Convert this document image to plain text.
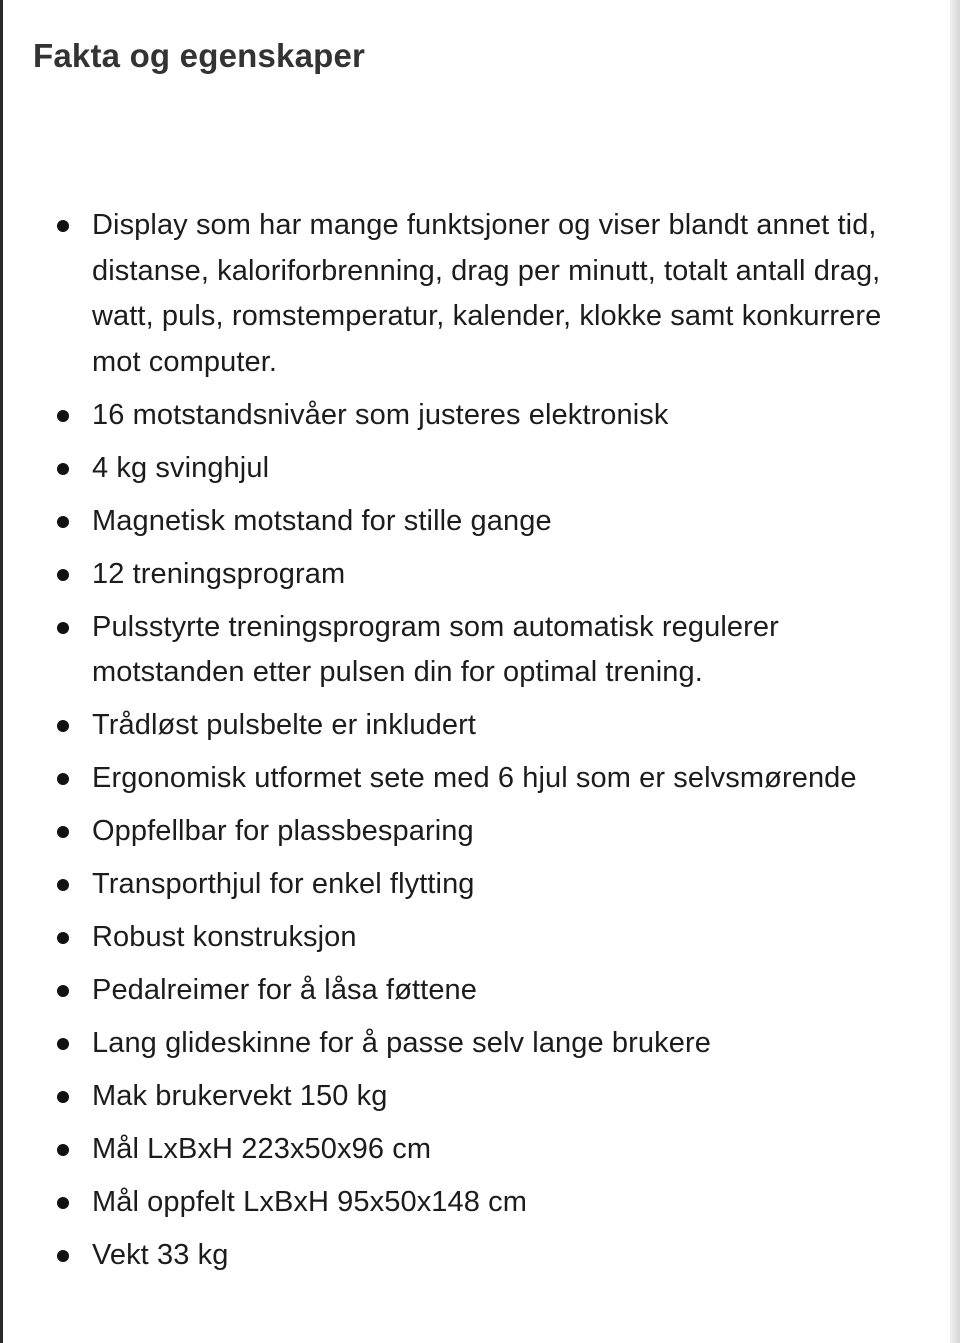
Fakta og egenskaper
Display som har mange funktsjoner og viser blandt annet tid, distanse, kaloriforbrenning, drag per minutt, totalt antall drag, watt, puls, romstemperatur, kalender, klokke samt konkurrere mot computer.
16 motstandsnivåer som justeres elektronisk
4 kg svinghjul
Magnetisk motstand for stille gange
12 treningsprogram
Pulsstyrte treningsprogram som automatisk regulerer motstanden etter pulsen din for optimal trening.
Trådløst pulsbelte er inkludert
Ergonomisk utformet sete med 6 hjul som er selvsmørende
Oppfellbar for plassbesparing
Transporthjul for enkel flytting
Robust konstruksjon
Pedalreimer for å låsa føttene
Lang glideskinne for å passe selv lange brukere
Mak brukervekt 150 kg
Mål LxBxH 223x50x96 cm
Mål oppfelt LxBxH 95x50x148 cm
Vekt 33 kg
